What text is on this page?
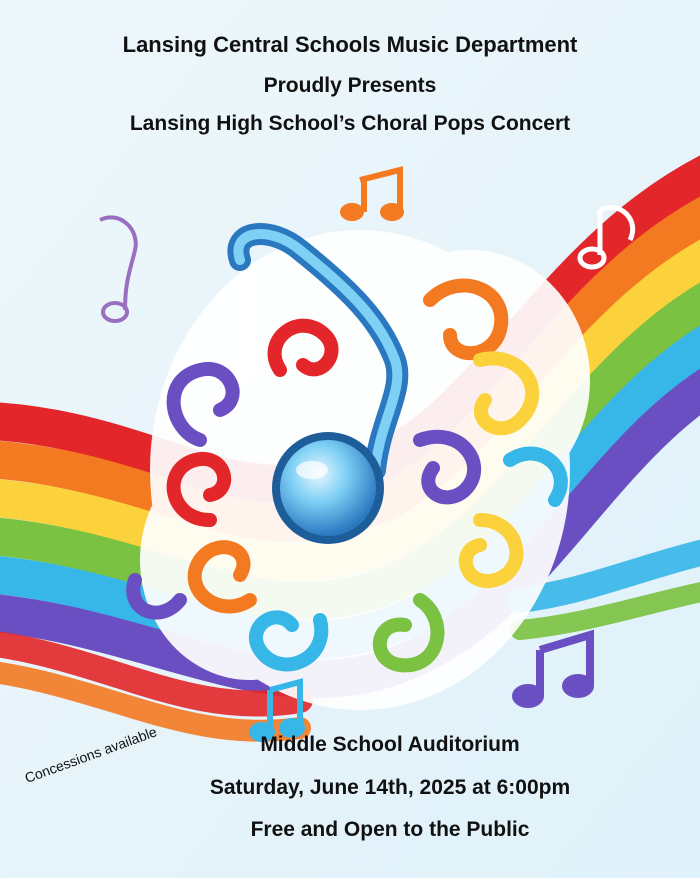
Lansing Central Schools Music Department
Proudly Presents
Lansing High School’s Choral Pops Concert
Middle School Auditorium
Saturday, June 14th, 2025 at 6:00pm
Free and Open to the Public
Concessions available
